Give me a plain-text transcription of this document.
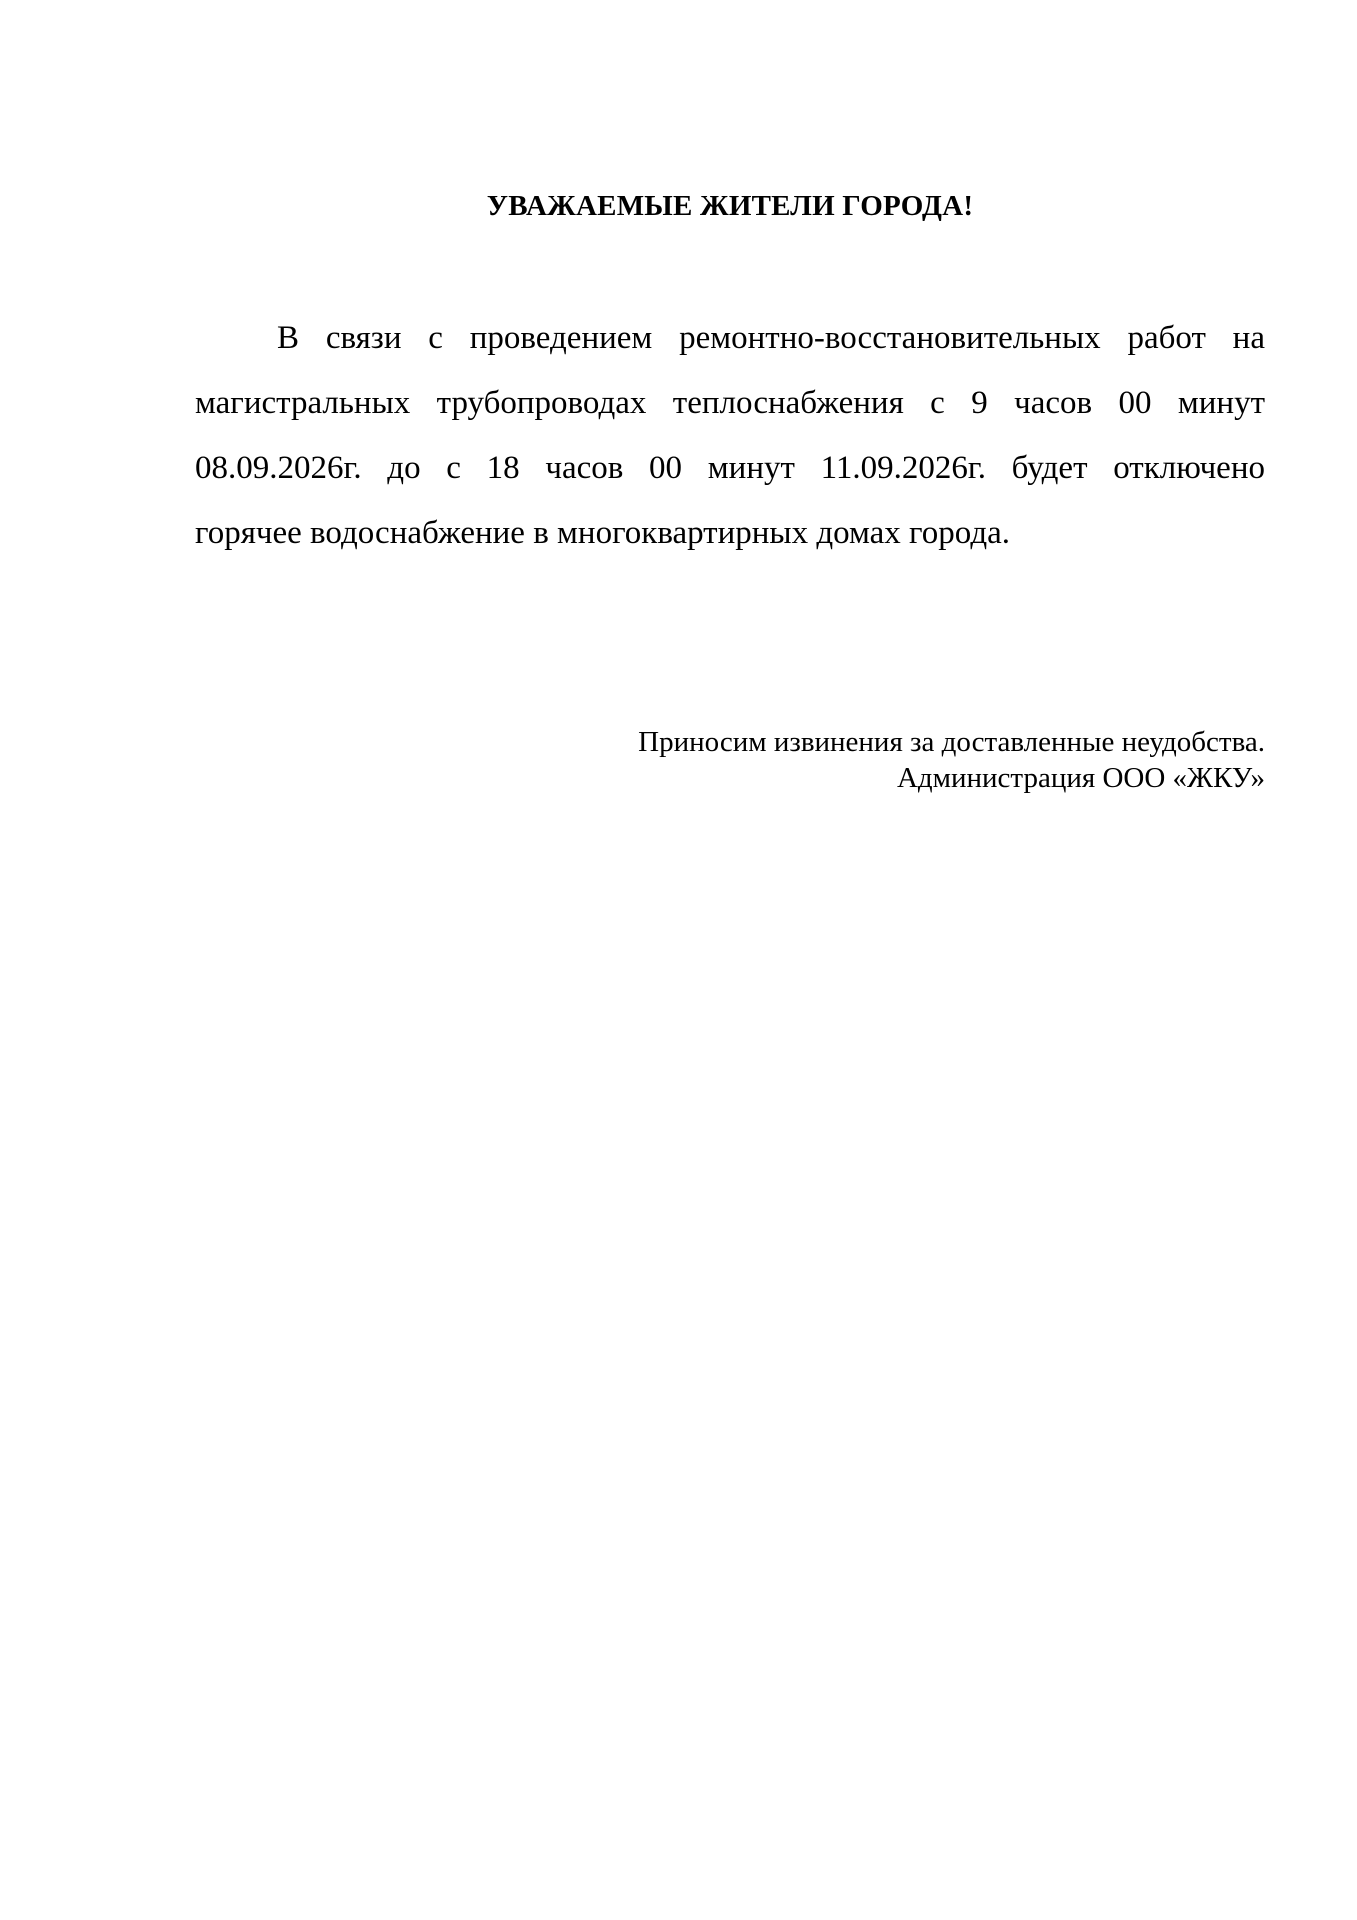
УВАЖАЕМЫЕ ЖИТЕЛИ ГОРОДА!

В связи с проведением ремонтно-восстановительных работ на
магистральных трубопроводах теплоснабжения с 9 часов 00 минут
08.09.2026г. до с 18 часов 00 минут 11.09.2026г. будет отключено
горячее водоснабжение в многоквартирных домах города.

Приносим извинения за доставленные неудобства.
Администрация ООО «ЖКУ»
